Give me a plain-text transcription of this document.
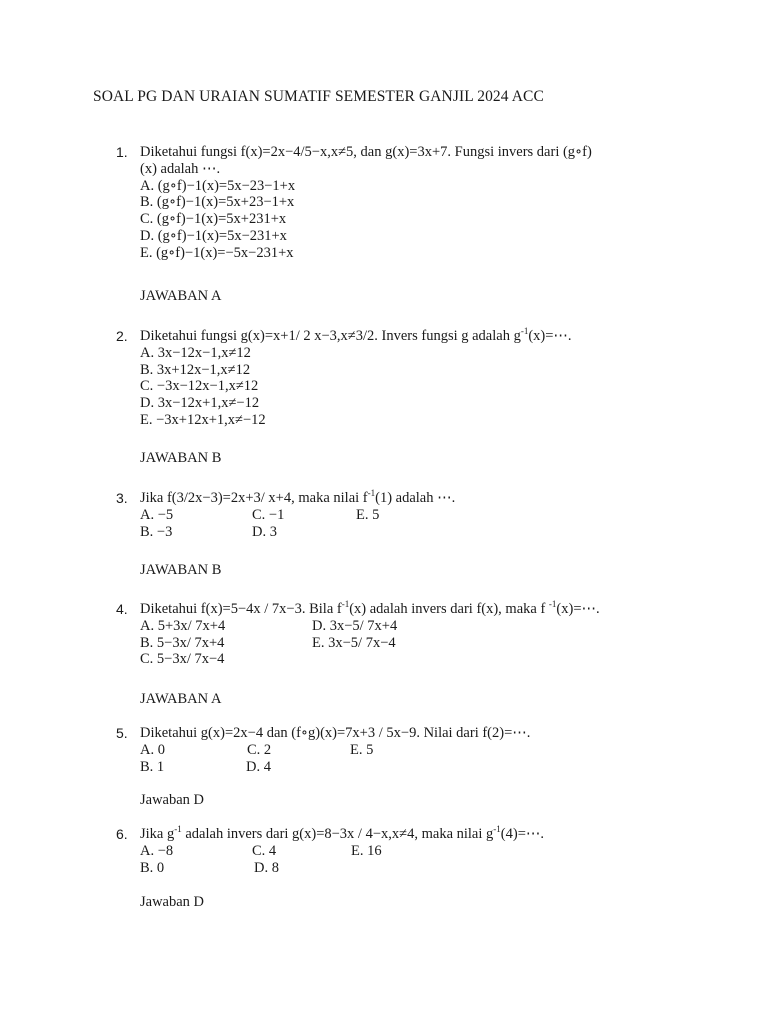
SOAL PG DAN URAIAN SUMATIF SEMESTER GANJIL 2024 ACC
1. Diketahui fungsi f(x)=2x−4/5−x,x≠5, dan g(x)=3x+7. Fungsi invers dari (g∘f)
(x) adalah ⋯.
A. (g∘f)−1(x)=5x−23−1+x
B. (g∘f)−1(x)=5x+23−1+x
C. (g∘f)−1(x)=5x+231+x
D. (g∘f)−1(x)=5x−231+x
E. (g∘f)−1(x)=−5x−231+x
JAWABAN A
2. Diketahui fungsi g(x)=x+1/ 2 x−3,x≠3/2. Invers fungsi g adalah $g^{-1}(x)=\cdots$.
A. 3x−12x−1,x≠12
B. 3x+12x−1,x≠12
C. −3x−12x−1,x≠12
D. 3x−12x+1,x≠−12
E. −3x+12x+1,x≠−12
JAWABAN B
3. Jika f(3/2x−3)=2x+3/ x+4, maka nilai $f^{-1}(1)$ adalah ⋯.
A. −5	C. −1	E. 5
B. −3	D. 3
JAWABAN B
4. Diketahui f(x)=5−4x / 7x−3. Bila $f^{-1}(x)$ adalah invers dari f(x), maka f $^{-1}$(x)=⋯.
A. 5+3x/ 7x+4	D. 3x−5/ 7x+4
B. 5−3x/ 7x+4	E. 3x−5/ 7x−4
C. 5−3x/ 7x−4
JAWABAN A
5. Diketahui g(x)=2x−4 dan (f∘g)(x)=7x+3 / 5x−9. Nilai dari f(2)=⋯.
A. 0	C. 2	E. 5
B. 1	D. 4
Jawaban D
6. Jika $g^{-1}$ adalah invers dari g(x)=8−3x / 4−x,x≠4, maka nilai $g^{-1}(4)=\cdots$.
A. −8	C. 4	E. 16
B. 0	D. 8
Jawaban D
